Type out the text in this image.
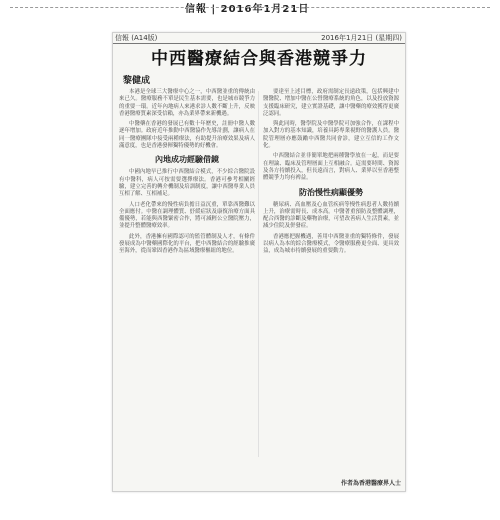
信報 | 2016年1月21日
信報 (A14版)	2016年1月21日 (星期四)
中西醫療結合與香港競爭力
黎健成

本港是全球三大醫療中心之一，中西醫並重的傳統由來已久。醫療服務不單是民生基本需要，也是城市競爭力的重要一環。近年內地病人來港求診人數不斷上升，反映香港醫療質素深受信賴，亦為業界帶來新機遇。

中醫藥在香港的發展已有數十年歷史，註冊中醫人數逐年增加。政府近年推動中西醫協作先導計劃，讓病人在同一醫療團隊中接受兩種療法，有助提升治療效果及病人滿意度，也是香港發揮獨特優勢的好機會。

內地成功經驗借鏡

中國內地早已推行中西醫結合模式，不少綜合醫院設有中醫科，病人可按需要選擇療法。香港可參考相關經驗，建立完善的轉介機制及培訓制度，讓中西醫專業人員互相了解、互相補足。

人口老化帶來的慢性病負擔日益沉重，單靠西醫難以全面應付。中醫在調理體質、紓緩症狀及康復治療方面具備優勢，若能與西醫緊密合作，將可減輕公立醫院壓力，並提升整體醫療效率。

此外，香港擁有國際認可的監管體制及人才，有條件發展成為中醫藥國際化的平台，把中西醫結合的經驗推廣至海外，從而鞏固香港作為區域醫療樞紐的地位。

要達至上述目標，政府需制定長遠政策，包括興建中醫醫院、增加中醫在公營醫療系統的角色，以及投放資源支援臨床研究，建立實證基礎，讓中醫藥的療效獲得更廣泛認同。

與此同時，醫學院及中醫學院可加強合作，在課程中加入對方的基本知識，培養具跨專業視野的醫護人員。醫院管理層亦應鼓勵中西醫共同會診，建立互信的工作文化。

中西醫結合並非簡單地把兩種醫學放在一起，而是要在理論、臨床及管理層面上互相融合。這需要時間、資源及各方持續投入，但長遠而言，對病人、業界以至香港整體競爭力均有裨益。

防治慢性病顯優勢

糖尿病、高血壓及心血管疾病等慢性病患者人數持續上升，治療需時長、成本高。中醫著重預防及整體調理，配合西醫的診斷及藥物治療，可望改善病人生活質素，並減少住院及併發症。

香港應把握機遇，善用中西醫並重的獨特條件，發展以病人為本的綜合醫療模式，令醫療服務更全面、更具效益，成為城市持續發展的重要動力。

作者為香港醫療界人士
